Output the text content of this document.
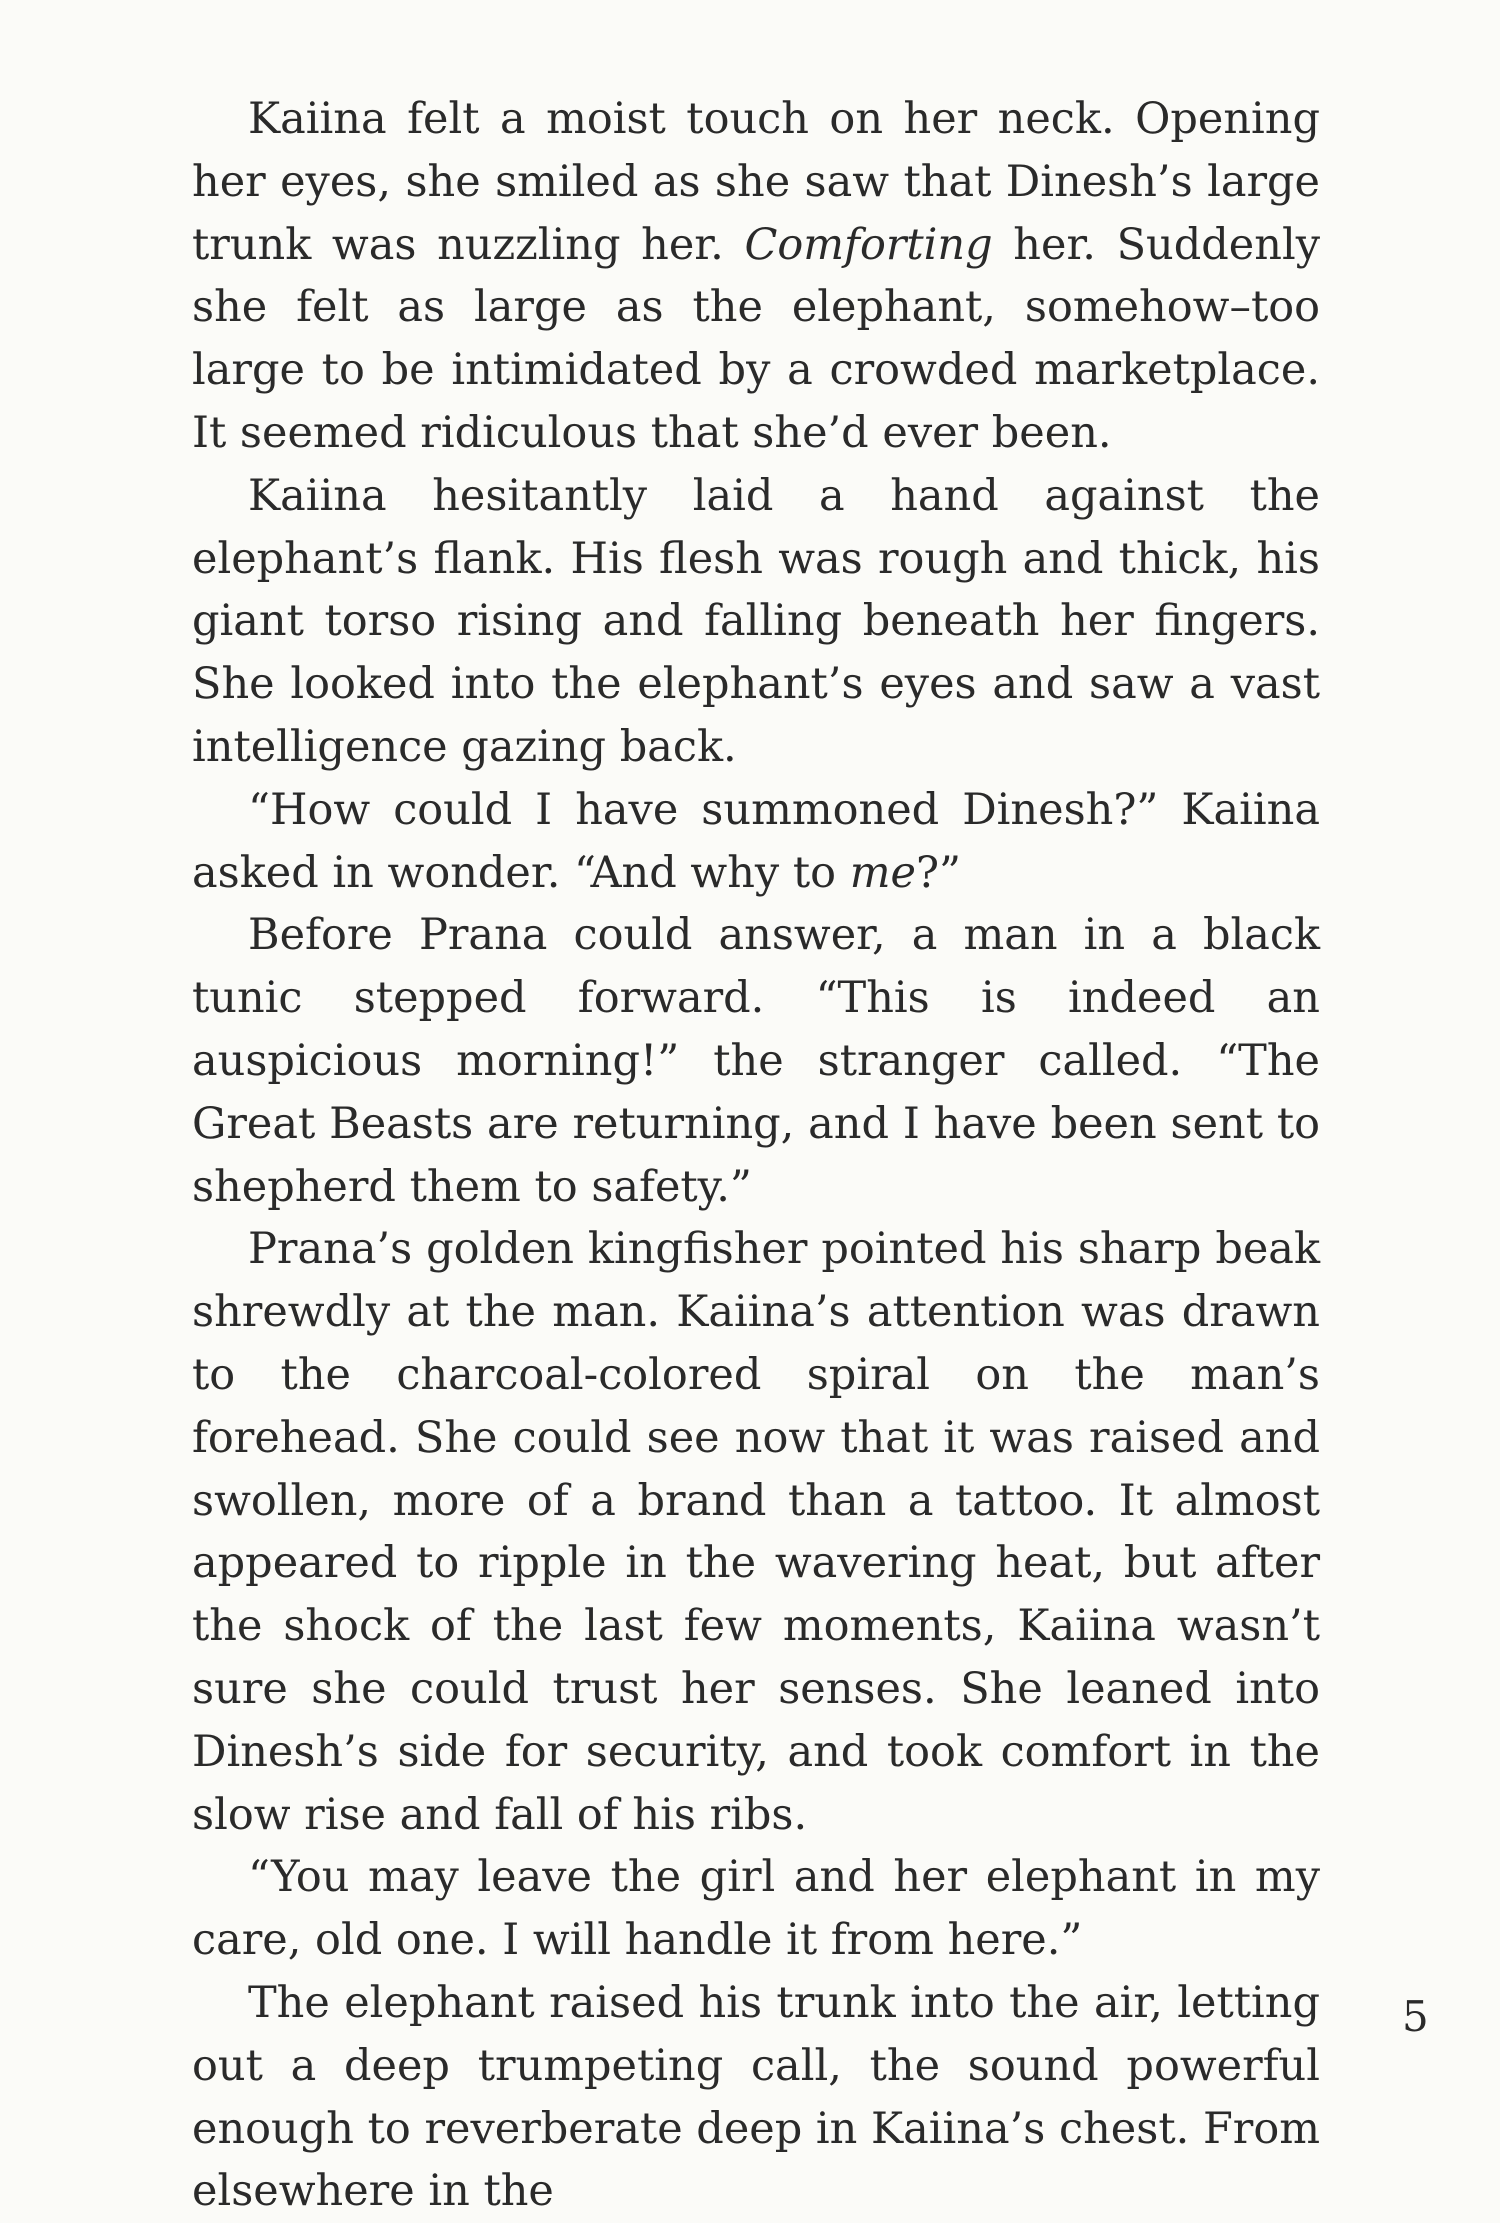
Kaiina felt a moist touch on her neck. Opening her eyes, she smiled as she saw that Dinesh’s large trunk was nuzzling her. Comforting her. Suddenly she felt as large as the elephant, somehow–too large to be intimidated by a crowded marketplace. It seemed ridiculous that she’d ever been.

Kaiina hesitantly laid a hand against the elephant’s flank. His flesh was rough and thick, his giant torso rising and falling beneath her fingers. She looked into the elephant’s eyes and saw a vast intelligence gazing back.

“How could I have summoned Dinesh?” Kaiina asked in wonder. “And why to me?”

Before Prana could answer, a man in a black tunic stepped forward. “This is indeed an auspicious morning!” the stranger called. “The Great Beasts are returning, and I have been sent to shepherd them to safety.”

Prana’s golden kingfisher pointed his sharp beak shrewdly at the man. Kaiina’s attention was drawn to the charcoal-colored spiral on the man’s forehead. She could see now that it was raised and swollen, more of a brand than a tattoo. It almost appeared to ripple in the wavering heat, but after the shock of the last few moments, Kaiina wasn’t sure she could trust her senses. She leaned into Dinesh’s side for security, and took comfort in the slow rise and fall of his ribs.

“You may leave the girl and her elephant in my care, old one. I will handle it from here.”

The elephant raised his trunk into the air, letting out a deep trumpeting call, the sound powerful enough to reverberate deep in Kaiina’s chest. From elsewhere in the

5
